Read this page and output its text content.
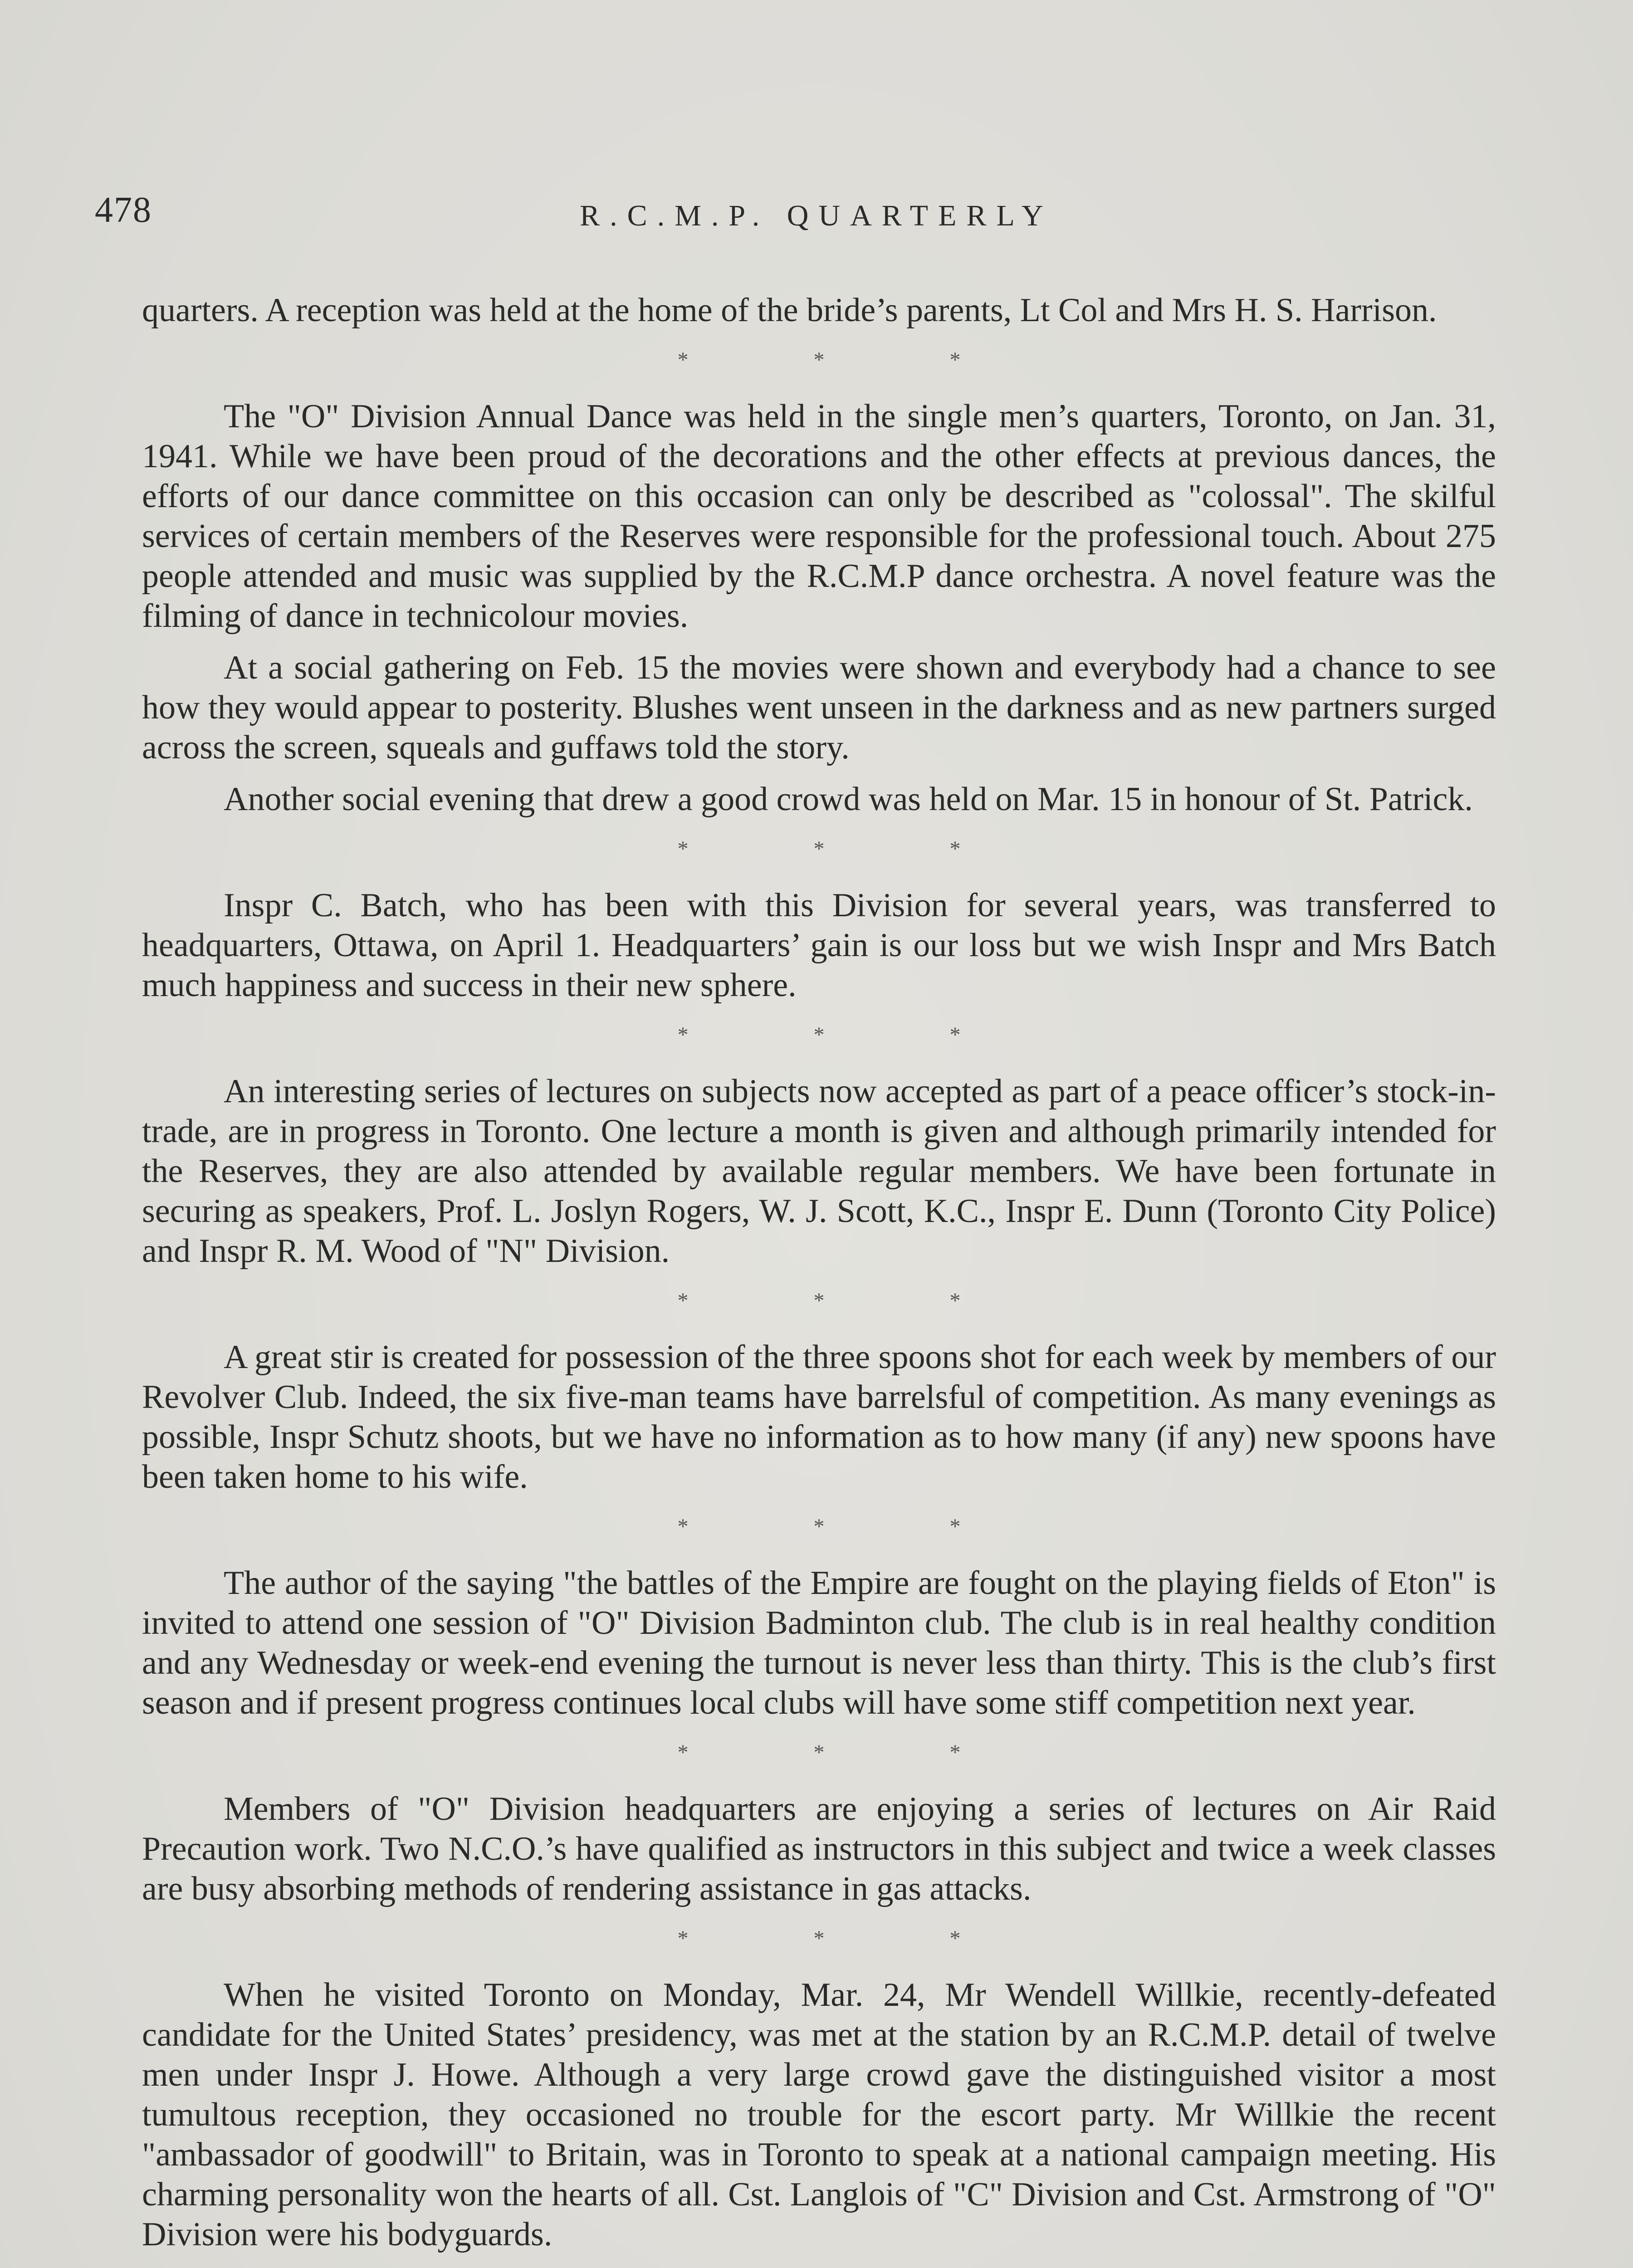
478	R.C.M.P. QUARTERLY

quarters. A reception was held at the home of the bride’s parents, Lt Col and Mrs H. S. Harrison.

*	*	*

The "O" Division Annual Dance was held in the single men’s quarters, Toronto, on Jan. 31, 1941. While we have been proud of the decorations and the other effects at previous dances, the efforts of our dance committee on this occasion can only be described as "colossal". The skilful services of certain members of the Reserves were responsible for the professional touch. About 275 people attended and music was supplied by the R.C.M.P dance orchestra. A novel feature was the filming of dance in technicolour movies.

At a social gathering on Feb. 15 the movies were shown and everybody had a chance to see how they would appear to posterity. Blushes went unseen in the darkness and as new partners surged across the screen, squeals and guffaws told the story.

Another social evening that drew a good crowd was held on Mar. 15 in honour of St. Patrick.

*	*	*

Inspr C. Batch, who has been with this Division for several years, was transferred to headquarters, Ottawa, on April 1. Headquarters’ gain is our loss but we wish Inspr and Mrs Batch much happiness and success in their new sphere.

*	*	*

An interesting series of lectures on subjects now accepted as part of a peace officer’s stock-in-trade, are in progress in Toronto. One lecture a month is given and although primarily intended for the Reserves, they are also attended by available regular members. We have been fortunate in securing as speakers, Prof. L. Joslyn Rogers, W. J. Scott, K.C., Inspr E. Dunn (Toronto City Police) and Inspr R. M. Wood of "N" Division.

*	*	*

A great stir is created for possession of the three spoons shot for each week by members of our Revolver Club. Indeed, the six five-man teams have barrelsful of competition. As many evenings as possible, Inspr Schutz shoots, but we have no information as to how many (if any) new spoons have been taken home to his wife.

*	*	*

The author of the saying "the battles of the Empire are fought on the playing fields of Eton" is invited to attend one session of "O" Division Badminton club. The club is in real healthy condition and any Wednesday or week-end evening the turnout is never less than thirty. This is the club’s first season and if present progress continues local clubs will have some stiff competition next year.

*	*	*

Members of "O" Division headquarters are enjoying a series of lectures on Air Raid Precaution work. Two N.C.O.’s have qualified as instructors in this subject and twice a week classes are busy absorbing methods of rendering assistance in gas attacks.

*	*	*

When he visited Toronto on Monday, Mar. 24, Mr Wendell Willkie, recently-defeated candidate for the United States’ presidency, was met at the station by an R.C.M.P. detail of twelve men under Inspr J. Howe. Although a very large crowd gave the distinguished visitor a most tumultous reception, they occasioned no trouble for the escort party. Mr Willkie the recent "ambassador of goodwill" to Britain, was in Toronto to speak at a national campaign meeting. His charming personality won the hearts of all. Cst. Langlois of "C" Division and Cst. Armstrong of "O" Division were his bodyguards.
